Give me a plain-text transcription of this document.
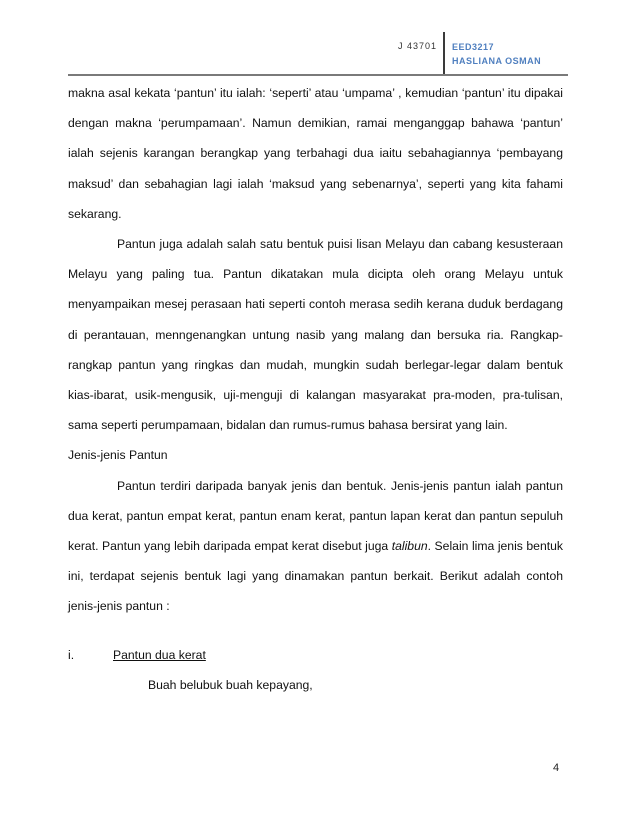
J 43701 EED3217
HASLIANA OSMAN

makna asal kekata ‘pantun’ itu ialah: ‘seperti’ atau ‘umpama’ , kemudian ‘pantun’ itu dipakai dengan makna ‘perumpamaan’. Namun demikian, ramai menganggap bahawa ‘pantun’ ialah sejenis karangan berangkap yang terbahagi dua iaitu sebahagiannya ‘pembayang maksud’ dan sebahagian lagi ialah ‘maksud yang sebenarnya’, seperti yang kita fahami sekarang.

Pantun juga adalah salah satu bentuk puisi lisan Melayu dan cabang kesusteraan Melayu yang paling tua. Pantun dikatakan mula dicipta oleh orang Melayu untuk menyampaikan mesej perasaan hati seperti contoh merasa sedih kerana duduk berdagang di perantauan, menngenangkan untung nasib yang malang dan bersuka ria. Rangkap-rangkap pantun yang ringkas dan mudah, mungkin sudah berlegar-legar dalam bentuk kias-ibarat, usik-mengusik, uji-menguji di kalangan masyarakat pra-moden, pra-tulisan, sama seperti perumpamaan, bidalan dan rumus-rumus bahasa bersirat yang lain.

Jenis-jenis Pantun

Pantun terdiri daripada banyak jenis dan bentuk. Jenis-jenis pantun ialah pantun dua kerat, pantun empat kerat, pantun enam kerat, pantun lapan kerat dan pantun sepuluh kerat. Pantun yang lebih daripada empat kerat disebut juga talibun. Selain lima jenis bentuk ini, terdapat sejenis bentuk lagi yang dinamakan pantun berkait. Berikut adalah contoh jenis-jenis pantun :

i.	Pantun dua kerat

Buah belubuk buah kepayang,

4
